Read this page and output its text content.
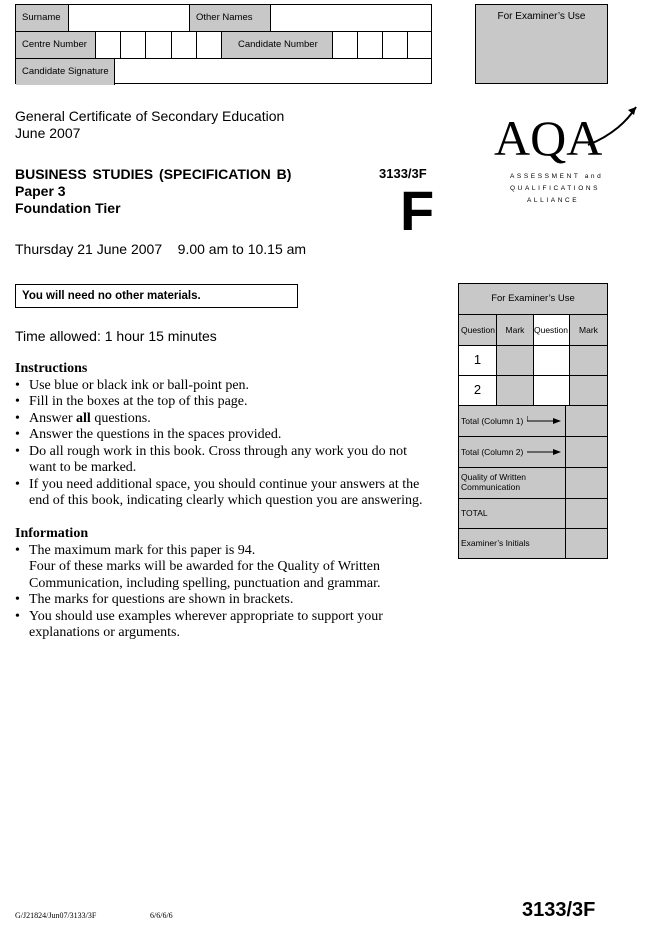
Surname	Other Names
Centre Number	Candidate Number
Candidate Signature
For Examiner’s Use
General Certificate of Secondary Education
June 2007
BUSINESS STUDIES (SPECIFICATION B)	3133/3F
Paper 3
Foundation Tier	F
Thursday 21 June 2007    9.00 am to 10.15 am
AQA
ASSESSMENT and
QUALIFICATIONS
ALLIANCE
You will need no other materials.
Time allowed: 1 hour 15 minutes
Instructions
• Use blue or black ink or ball-point pen.
• Fill in the boxes at the top of this page.
• Answer all questions.
• Answer the questions in the spaces provided.
• Do all rough work in this book. Cross through any work you do not want to be marked.
• If you need additional space, you should continue your answers at the end of this book, indicating clearly which question you are answering.
Information
• The maximum mark for this paper is 94.
Four of these marks will be awarded for the Quality of Written Communication, including spelling, punctuation and grammar.
• The marks for questions are shown in brackets.
• You should use examples wherever appropriate to support your explanations or arguments.
For Examiner’s Use
Question	Mark	Question	Mark
1
2
Total (Column 1)
Total (Column 2)
Quality of Written Communication
TOTAL
Examiner’s Initials
G/J21824/Jun07/3133/3F	6/6/6/6	3133/3F
